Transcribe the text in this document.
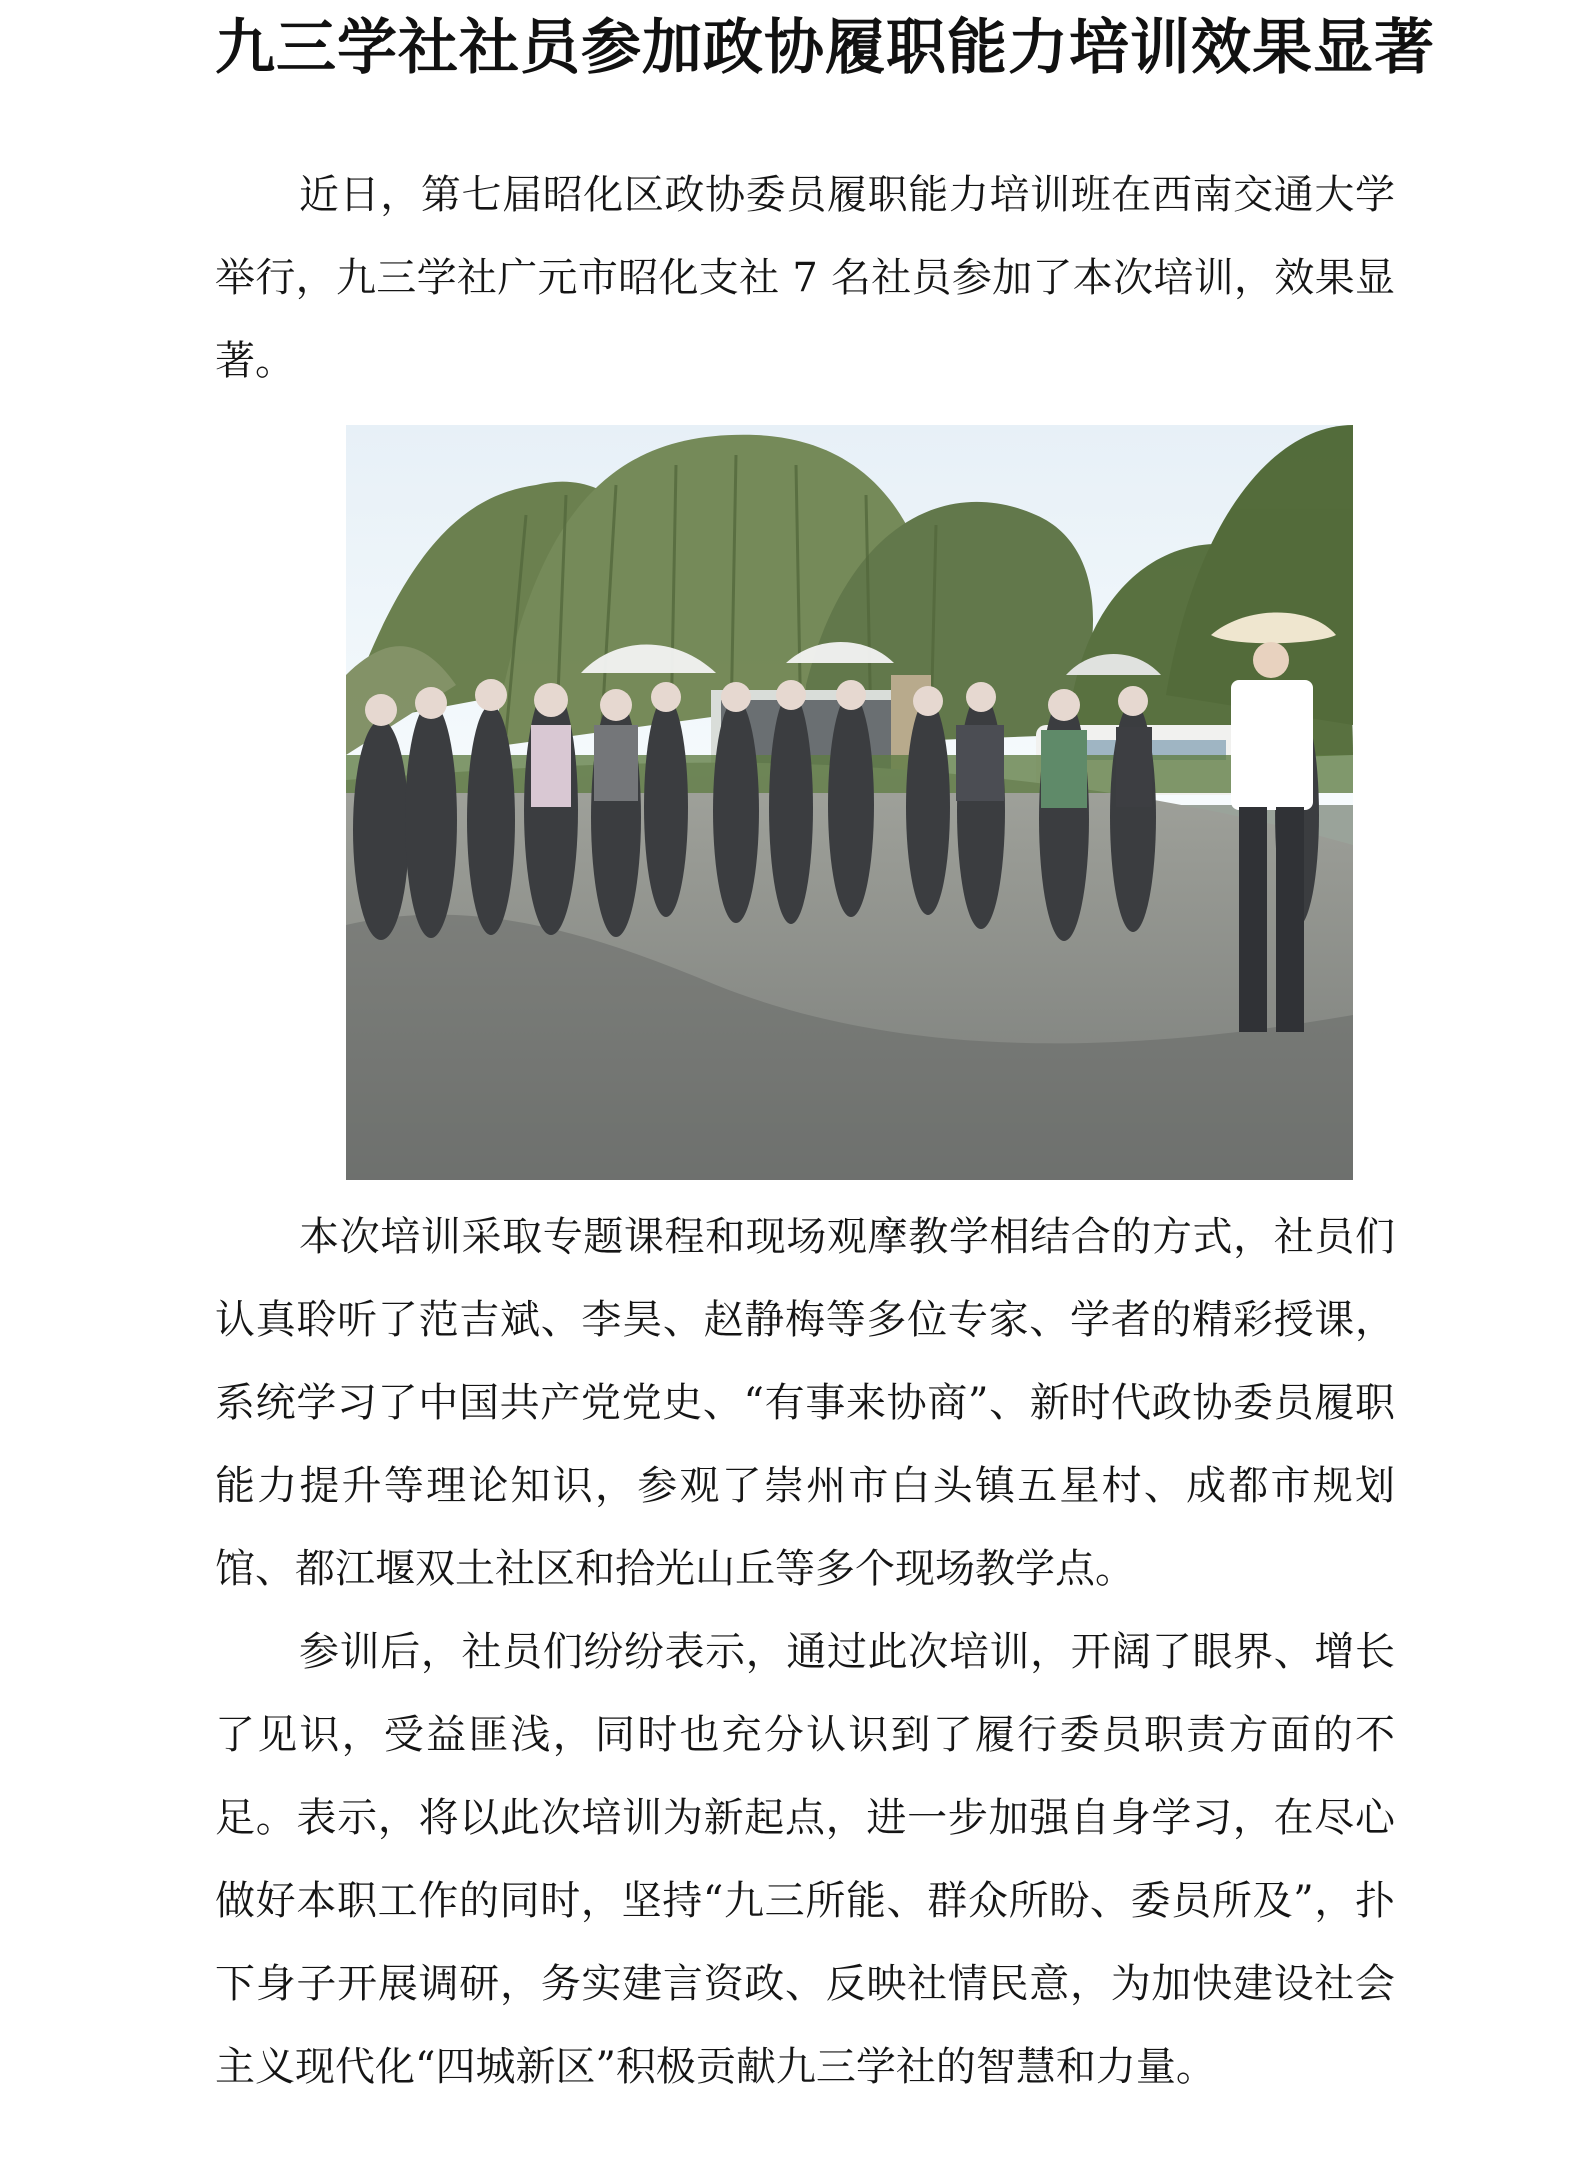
九三学社社员参加政协履职能力培训效果显著

近日，第七届昭化区政协委员履职能力培训班在西南交通大学举行，九三学社广元市昭化支社 7 名社员参加了本次培训，效果显著。

本次培训采取专题课程和现场观摩教学相结合的方式，社员们认真聆听了范吉斌、李昊、赵静梅等多位专家、学者的精彩授课，系统学习了中国共产党党史、“有事来协商”、新时代政协委员履职能力提升等理论知识，参观了崇州市白头镇五星村、成都市规划馆、都江堰双土社区和拾光山丘等多个现场教学点。

参训后，社员们纷纷表示，通过此次培训，开阔了眼界、增长了见识，受益匪浅，同时也充分认识到了履行委员职责方面的不足。表示，将以此次培训为新起点，进一步加强自身学习，在尽心做好本职工作的同时，坚持“九三所能、群众所盼、委员所及”，扑下身子开展调研，务实建言资政、反映社情民意，为加快建设社会主义现代化“四城新区”积极贡献九三学社的智慧和力量。
